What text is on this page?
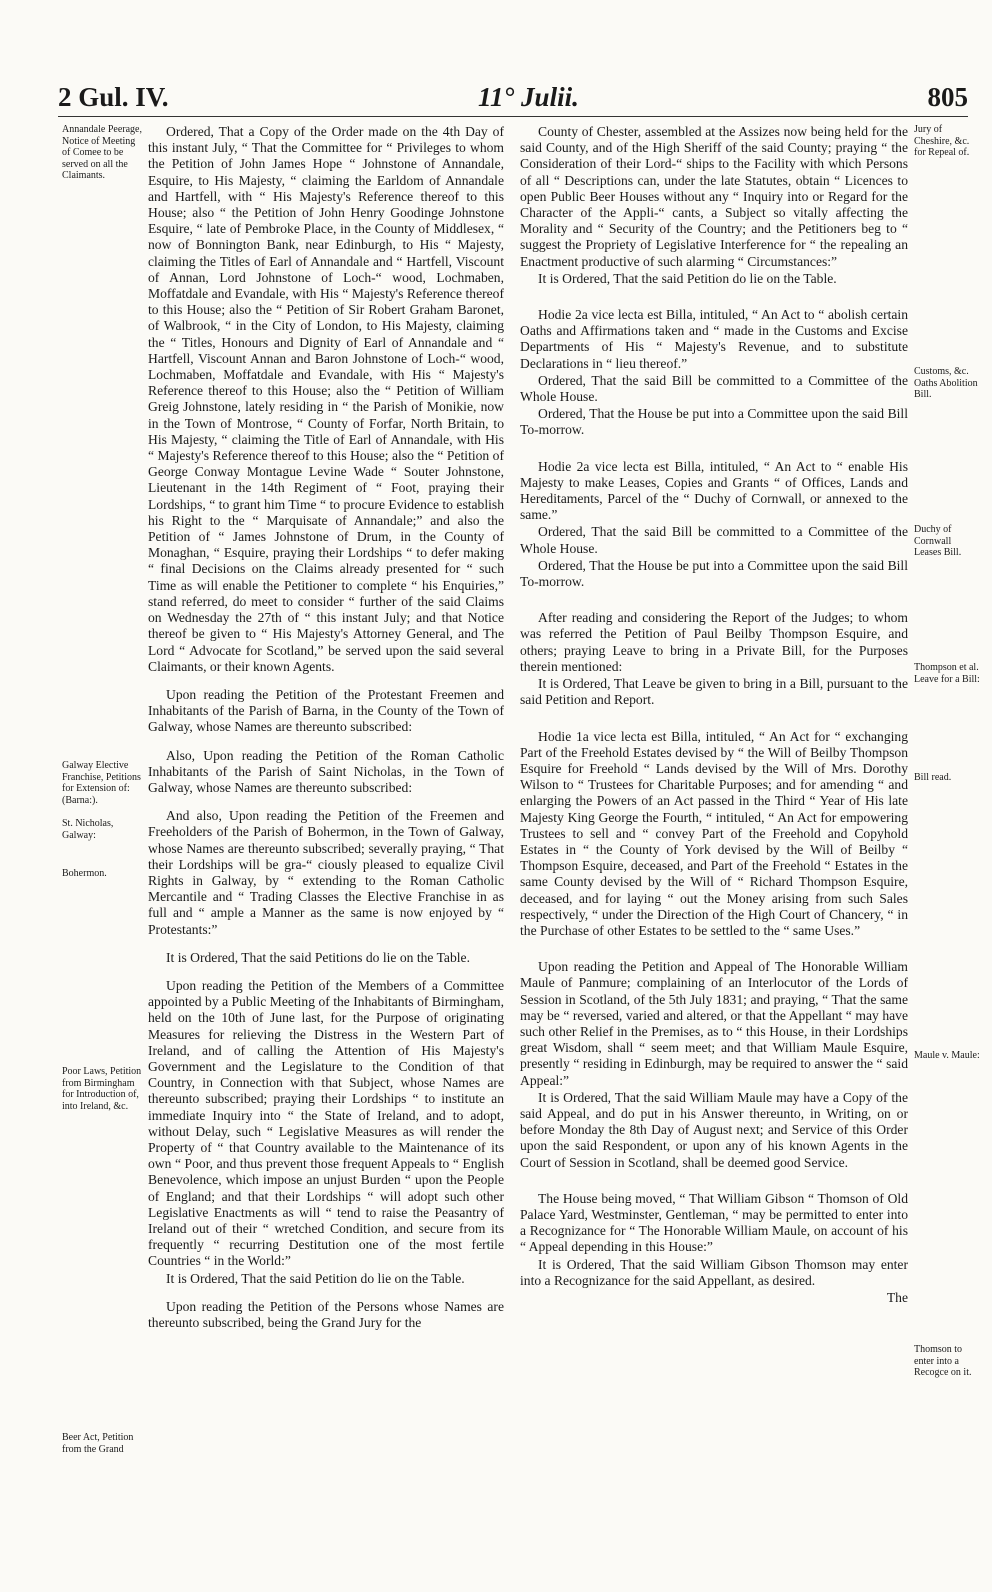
2 Gul. IV.	11° Julii.	805
Annandale Peerage, Notice of Meeting of Comee to be served on all the Claimants.
Galway Elective Franchise, Petitions for Extension of: (Barna:).
St. Nicholas, Galway:
Bohermon.
Poor Laws, Petition from Birmingham for Introduction of, into Ireland, &c.
Beer Act, Petition from the Grand

Ordered, That a Copy of the Order made on the 4th Day of this instant July, “ That the Committee for “ Privileges to whom the Petition of John James Hope “ Johnstone of Annandale, Esquire, to His Majesty, “ claiming the Earldom of Annandale and Hartfell, with “ His Majesty's Reference thereof to this House; also “ the Petition of John Henry Goodinge Johnstone Esquire, “ late of Pembroke Place, in the County of Middlesex, “ now of Bonnington Bank, near Edinburgh, to His “ Majesty, claiming the Titles of Earl of Annandale and “ Hartfell, Viscount of Annan, Lord Johnstone of Loch-“ wood, Lochmaben, Moffatdale and Evandale, with His “ Majesty's Reference thereof to this House; also the “ Petition of Sir Robert Graham Baronet, of Walbrook, “ in the City of London, to His Majesty, claiming the “ Titles, Honours and Dignity of Earl of Annandale and “ Hartfell, Viscount Annan and Baron Johnstone of Loch-“ wood, Lochmaben, Moffatdale and Evandale, with His “ Majesty's Reference thereof to this House; also the “ Petition of William Greig Johnstone, lately residing in “ the Parish of Monikie, now in the Town of Montrose, “ County of Forfar, North Britain, to His Majesty, “ claiming the Title of Earl of Annandale, with His “ Majesty's Reference thereof to this House; also the “ Petition of George Conway Montague Levine Wade “ Souter Johnstone, Lieutenant in the 14th Regiment of “ Foot, praying their Lordships, “ to grant him Time “ to procure Evidence to establish his Right to the “ Marquisate of Annandale;” and also the Petition of “ James Johnstone of Drum, in the County of Monaghan, “ Esquire, praying their Lordships “ to defer making “ final Decisions on the Claims already presented for “ such Time as will enable the Petitioner to complete “ his Enquiries,” stand referred, do meet to consider “ further of the said Claims on Wednesday the 27th of “ this instant July; and that Notice thereof be given to “ His Majesty's Attorney General, and The Lord “ Advocate for Scotland,” be served upon the said several Claimants, or their known Agents.

Upon reading the Petition of the Protestant Freemen and Inhabitants of the Parish of Barna, in the County of the Town of Galway, whose Names are thereunto subscribed:

Also, Upon reading the Petition of the Roman Catholic Inhabitants of the Parish of Saint Nicholas, in the Town of Galway, whose Names are thereunto subscribed:

And also, Upon reading the Petition of the Freemen and Freeholders of the Parish of Bohermon, in the Town of Galway, whose Names are thereunto subscribed; severally praying, “ That their Lordships will be gra-“ ciously pleased to equalize Civil Rights in Galway, by “ extending to the Roman Catholic Mercantile and “ Trading Classes the Elective Franchise in as full and “ ample a Manner as the same is now enjoyed by “ Protestants:”

It is Ordered, That the said Petitions do lie on the Table.

Upon reading the Petition of the Members of a Committee appointed by a Public Meeting of the Inhabitants of Birmingham, held on the 10th of June last, for the Purpose of originating Measures for relieving the Distress in the Western Part of Ireland, and of calling the Attention of His Majesty's Government and the Legislature to the Condition of that Country, in Connection with that Subject, whose Names are thereunto subscribed; praying their Lordships “ to institute an immediate Inquiry into “ the State of Ireland, and to adopt, without Delay, such “ Legislative Measures as will render the Property of “ that Country available to the Maintenance of its own “ Poor, and thus prevent those frequent Appeals to “ English Benevolence, which impose an unjust Burden “ upon the People of England; and that their Lordships “ will adopt such other Legislative Enactments as will “ tend to raise the Peasantry of Ireland out of their “ wretched Condition, and secure from its frequently “ recurring Destitution one of the most fertile Countries “ in the World:”

It is Ordered, That the said Petition do lie on the Table.

Upon reading the Petition of the Persons whose Names are thereunto subscribed, being the Grand Jury for the

County of Chester, assembled at the Assizes now being held for the said County, and of the High Sheriff of the said County; praying “ the Consideration of their Lord-“ ships to the Facility with which Persons of all “ Descriptions can, under the late Statutes, obtain “ Licences to open Public Beer Houses without any “ Inquiry into or Regard for the Character of the Appli-“ cants, a Subject so vitally affecting the Morality and “ Security of the Country; and the Petitioners beg to “ suggest the Propriety of Legislative Interference for “ the repealing an Enactment productive of such alarming “ Circumstances:”

It is Ordered, That the said Petition do lie on the Table.

Hodie 2a vice lecta est Billa, intituled, “ An Act to “ abolish certain Oaths and Affirmations taken and “ made in the Customs and Excise Departments of His “ Majesty's Revenue, and to substitute Declarations in “ lieu thereof.”

Ordered, That the said Bill be committed to a Committee of the Whole House.

Ordered, That the House be put into a Committee upon the said Bill To-morrow.

Hodie 2a vice lecta est Billa, intituled, “ An Act to “ enable His Majesty to make Leases, Copies and Grants “ of Offices, Lands and Hereditaments, Parcel of the “ Duchy of Cornwall, or annexed to the same.”

Ordered, That the said Bill be committed to a Committee of the Whole House.

Ordered, That the House be put into a Committee upon the said Bill To-morrow.

After reading and considering the Report of the Judges; to whom was referred the Petition of Paul Beilby Thompson Esquire, and others; praying Leave to bring in a Private Bill, for the Purposes therein mentioned:

It is Ordered, That Leave be given to bring in a Bill, pursuant to the said Petition and Report.

Hodie 1a vice lecta est Billa, intituled, “ An Act for “ exchanging Part of the Freehold Estates devised by “ the Will of Beilby Thompson Esquire for Freehold “ Lands devised by the Will of Mrs. Dorothy Wilson to “ Trustees for Charitable Purposes; and for amending “ and enlarging the Powers of an Act passed in the Third “ Year of His late Majesty King George the Fourth, “ intituled, “ An Act for empowering Trustees to sell and “ convey Part of the Freehold and Copyhold Estates in “ the County of York devised by the Will of Beilby “ Thompson Esquire, deceased, and Part of the Freehold “ Estates in the same County devised by the Will of “ Richard Thompson Esquire, deceased, and for laying “ out the Money arising from such Sales respectively, “ under the Direction of the High Court of Chancery, “ in the Purchase of other Estates to be settled to the “ same Uses.”

Upon reading the Petition and Appeal of The Honorable William Maule of Panmure; complaining of an Interlocutor of the Lords of Session in Scotland, of the 5th July 1831; and praying, “ That the same may be “ reversed, varied and altered, or that the Appellant “ may have such other Relief in the Premises, as to “ this House, in their Lordships great Wisdom, shall “ seem meet; and that William Maule Esquire, presently “ residing in Edinburgh, may be required to answer the “ said Appeal:”

It is Ordered, That the said William Maule may have a Copy of the said Appeal, and do put in his Answer thereunto, in Writing, on or before Monday the 8th Day of August next; and Service of this Order upon the said Respondent, or upon any of his known Agents in the Court of Session in Scotland, shall be deemed good Service.

The House being moved, “ That William Gibson “ Thomson of Old Palace Yard, Westminster, Gentleman, “ may be permitted to enter into a Recognizance for “ The Honorable William Maule, on account of his “ Appeal depending in this House:”

It is Ordered, That the said William Gibson Thomson may enter into a Recognizance for the said Appellant, as desired.

The

Jury of Cheshire, &c. for Repeal of.
Customs, &c. Oaths Abolition Bill.
Duchy of Cornwall Leases Bill.
Thompson et al. Leave for a Bill:
Bill read.
Maule v. Maule:
Thomson to enter into a Recogce on it.
